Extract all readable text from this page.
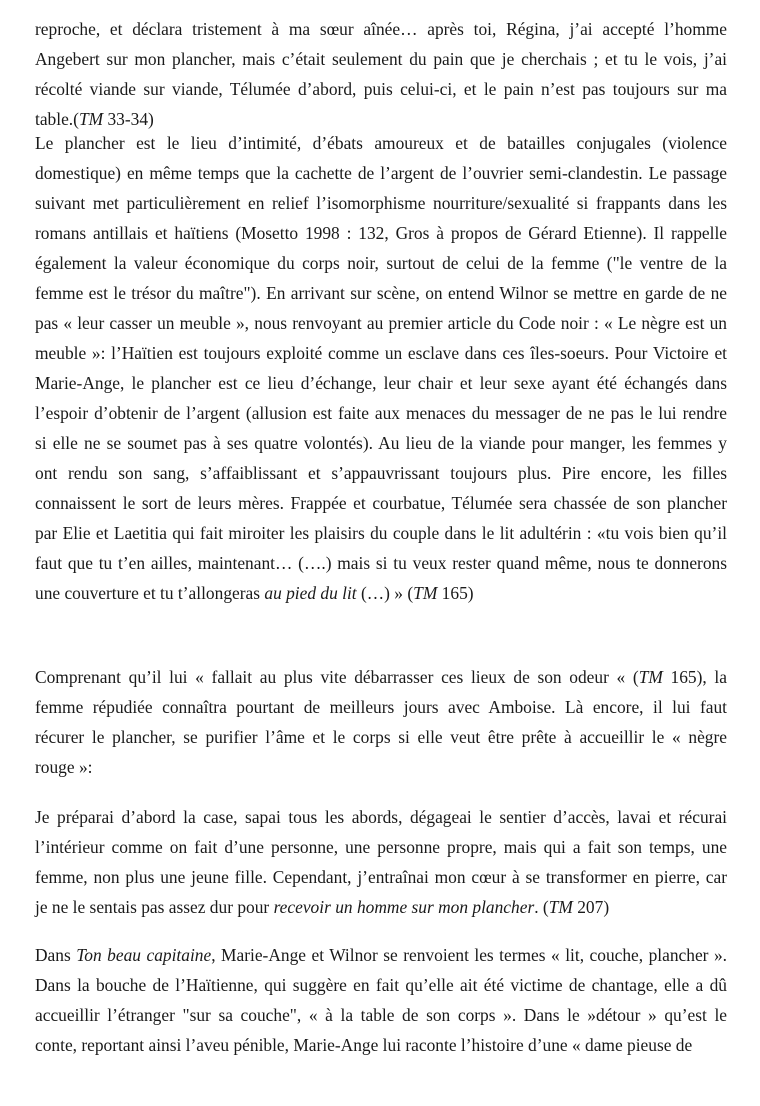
reproche, et déclara tristement à ma sœur aînée… après toi, Régina, j’ai accepté l’homme
Angebert sur mon plancher, mais c’était seulement du pain que je cherchais ; et tu le vois, j’ai
récolté viande sur viande, Télumée d’abord, puis celui-ci, et le pain n’est pas toujours sur ma
table.(TM 33-34)
Le plancher est le lieu d’intimité, d’ébats amoureux et de batailles conjugales (violence
domestique) en même temps que la cachette de l’argent de l’ouvrier semi-clandestin. Le passage
suivant met particulièrement en relief l’isomorphisme nourriture/sexualité si frappants dans les
romans antillais et haïtiens (Mosetto 1998 : 132, Gros à propos de Gérard Etienne). Il rappelle
également la valeur économique du corps noir, surtout de celui de la femme ("le ventre de la
femme est le trésor du maître"). En arrivant sur scène, on entend Wilnor se mettre en garde de ne
pas « leur casser un meuble », nous renvoyant au premier article du Code noir : « Le nègre est un
meuble »: l’Haïtien est toujours exploité comme un esclave dans ces îles-soeurs. Pour Victoire et
Marie-Ange, le plancher est ce lieu d’échange, leur chair et leur sexe ayant été échangés dans
l’espoir d’obtenir de l’argent (allusion est faite aux menaces du messager de ne pas le lui rendre
si elle ne se soumet pas à ses quatre volontés). Au lieu de la viande pour manger, les femmes y
ont rendu son sang, s’affaiblissant et s’appauvrissant toujours plus. Pire encore, les filles
connaissent le sort de leurs mères. Frappée et courbatue, Télumée sera chassée de son plancher
par Elie et Laetitia qui fait miroiter les plaisirs du couple dans le lit adultérin : «tu vois bien qu’il
faut que tu t’en ailles, maintenant… (….) mais si tu veux rester quand même, nous te donnerons
une couverture et tu t’allongeras au pied du lit (…) » (TM 165)
Comprenant qu’il lui « fallait au plus vite débarrasser ces lieux de son odeur « (TM 165), la
femme répudiée connaîtra pourtant de meilleurs jours avec Amboise. Là encore, il lui faut
récurer le plancher, se purifier l’âme et le corps si elle veut être prête à accueillir le « nègre
rouge »:
Je préparai d’abord la case, sapai tous les abords, dégageai le sentier d’accès, lavai et récurai
l’intérieur comme on fait d’une personne, une personne propre, mais qui a fait son temps, une
femme, non plus une jeune fille. Cependant, j’entraînai mon cœur à se transformer en pierre, car
je ne le sentais pas assez dur pour recevoir un homme sur mon plancher. (TM 207)
Dans Ton beau capitaine, Marie-Ange et Wilnor se renvoient les termes « lit, couche, plancher ».
Dans la bouche de l’Haïtienne, qui suggère en fait qu’elle ait été victime de chantage, elle a dû
accueillir l’étranger "sur sa couche", « à la table de son corps ». Dans le »détour » qu’est le
conte, reportant ainsi l’aveu pénible, Marie-Ange lui raconte l’histoire d’une « dame pieuse de
